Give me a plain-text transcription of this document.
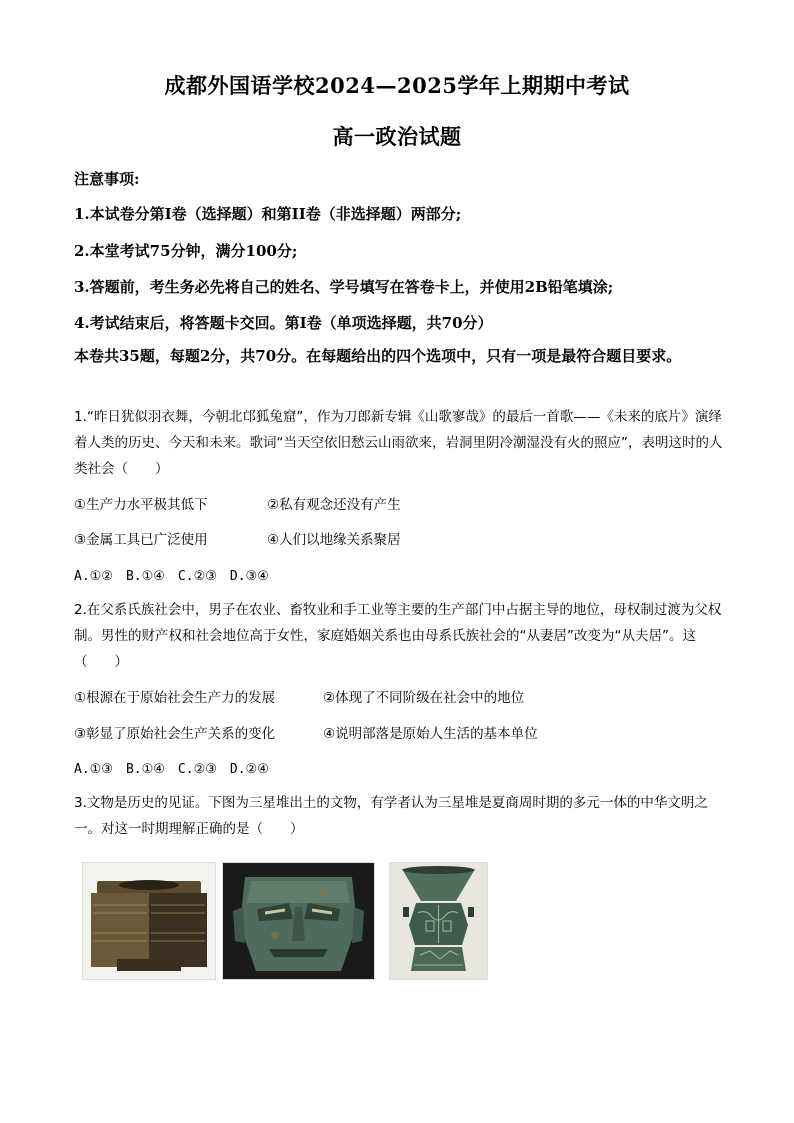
成都外国语学校2024—2025学年上期期中考试
高一政治试题
注意事项:
1.本试卷分第Ⅰ卷（选择题）和第II卷（非选择题）两部分;
2.本堂考试75分钟，满分100分;
3.答题前，考生务必先将自己的姓名、学号填写在答卷卡上，并使用2B铅笔填涂;
4.考试结束后，将答题卡交回。第Ⅰ卷（单项选择题，共70分）
本卷共35题，每题2分，共70分。在每题给出的四个选项中，只有一项是最符合题目要求。
1.“昨日犹似羽衣舞，今朝北邙狐兔窟”，作为刀郎新专辑《山歌寥哉》的最后一首歌——《未来的底片》演绎着人类的历史、今天和未来。歌词“当天空依旧愁云山雨欲来，岩洞里阴冷潮湿没有火的照应”，表明这时的人类社会（　　）
①生产力水平极其低下	②私有观念还没有产生
③金属工具已广泛使用	④人们以地缘关系聚居
A.①②　B.①④　C.②③　D.③④
2.在父系氏族社会中，男子在农业、畜牧业和手工业等主要的生产部门中占据主导的地位，母权制过渡为父权制。男性的财产权和社会地位高于女性，家庭婚姻关系也由母系氏族社会的“从妻居”改变为“从夫居”。这（　　）
①根源在于原始社会生产力的发展	②体现了不同阶级在社会中的地位
③彰显了原始社会生产关系的变化	④说明部落是原始人生活的基本单位
A.①③　B.①④　C.②③　D.②④
3.文物是历史的见证。下图为三星堆出土的文物，有学者认为三星堆是夏商周时期的多元一体的中华文明之一。对这一时期理解正确的是（　　）
